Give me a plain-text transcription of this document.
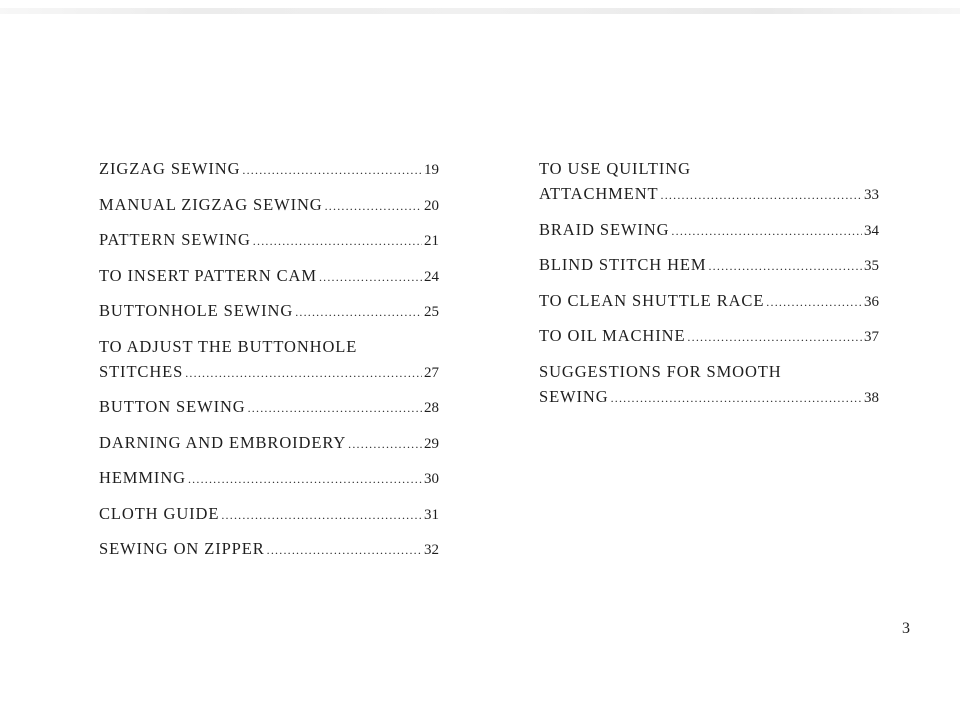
ZIGZAG SEWING .....	19
MANUAL ZIGZAG SEWING .....	20
PATTERN SEWING .....	21
TO INSERT PATTERN CAM .....	24
BUTTONHOLE SEWING .....	25
TO ADJUST THE BUTTONHOLE
STITCHES .....	27
BUTTON SEWING .....	28
DARNING AND EMBROIDERY .....	29
HEMMING .....	30
CLOTH GUIDE .....	31
SEWING ON ZIPPER .....	32
TO USE QUILTING
ATTACHMENT .....	33
BRAID SEWING .....	34
BLIND STITCH HEM .....	35
TO CLEAN SHUTTLE RACE .....	36
TO OIL MACHINE .....	37
SUGGESTIONS FOR SMOOTH
SEWING .....	38
3
